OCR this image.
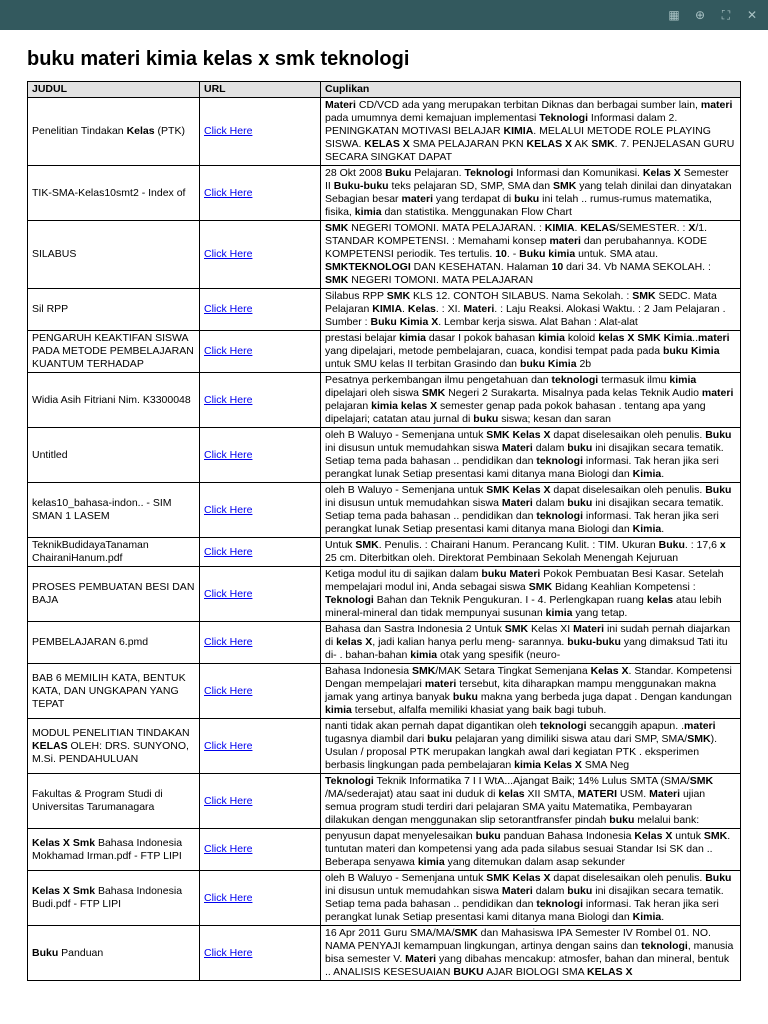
▦ ⊕	⛶	✕
buku materi kimia kelas x smk teknologi
JUDUL	URL	Cuplikan
Penelitian Tindakan Kelas (PTK)	Click Here	Materi CD/VCD ada yang merupakan terbitan Diknas dan berbagai sumber lain, materi pada umumnya demi kemajuan implementasi Teknologi Informasi dalam 2. PENINGKATAN MOTIVASI BELAJAR KIMIA. MELALUI METODE ROLE PLAYING SISWA. KELAS X SMA PELAJARAN PKN KELAS X AK SMK. 7. PENJELASAN GURU SECARA SINGKAT DAPAT
TIK-SMA-Kelas10smt2 - Index of	Click Here	28 Okt 2008 Buku Pelajaran. Teknologi Informasi dan Komunikasi. Kelas X Semester II Buku-buku teks pelajaran SD, SMP, SMA dan SMK yang telah dinilai dan dinyatakan Sebagian besar materi yang terdapat di buku ini telah .. rumus-rumus matematika, fisika, kimia dan statistika. Menggunakan Flow Chart
SILABUS	Click Here	SMK NEGERI TOMONI. MATA PELAJARAN. : KIMIA. KELAS/SEMESTER. : X/1. STANDAR KOMPETENSI. : Memahami konsep materi dan perubahannya. KODE KOMPETENSI periodik. Tes tertulis. 10. - Buku kimia untuk. SMA atau. SMKTEKNOLOGI DAN KESEHATAN. Halaman 10 dari 34. Vb NAMA SEKOLAH. : SMK NEGERI TOMONI. MATA PELAJARAN
Sil RPP	Click Here	Silabus RPP SMK KLS 12. CONTOH SILABUS. Nama Sekolah. : SMK SEDC. Mata Pelajaran KIMIA. Kelas. : XI. Materi. : Laju Reaksi. Alokasi Waktu. : 2 Jam Pelajaran . Sumber : Buku Kimia X. Lembar kerja siswa. Alat Bahan : Alat-alat
PENGARUH KEAKTIFAN SISWA PADA METODE PEMBELAJARAN KUANTUM TERHADAP	Click Here	prestasi belajar kimia dasar I pokok bahasan kimia koloid kelas X SMK Kimia..materi yang dipelajari, metode pembelajaran, cuaca, kondisi tempat pada pada buku Kimia untuk SMU kelas II terbitan Grasindo dan buku Kimia 2b
Widia Asih Fitriani Nim. K3300048	Click Here	Pesatnya perkembangan ilmu pengetahuan dan teknologi termasuk ilmu kimia dipelajari oleh siswa SMK Negeri 2 Surakarta. Misalnya pada kelas Teknik Audio materi pelajaran kimia kelas X semester genap pada pokok bahasan . tentang apa yang dipelajari; catatan atau jurnal di buku siswa; kesan dan saran
Untitled	Click Here	oleh B Waluyo - Semenjana untuk SMK Kelas X dapat diselesaikan oleh penulis. Buku ini disusun untuk memudahkan siswa Materi dalam buku ini disajikan secara tematik. Setiap tema pada bahasan .. pendidikan dan teknologi informasi. Tak heran jika seri perangkat lunak Setiap presentasi kami ditanya mana Biologi dan Kimia.
kelas10_bahasa-indon.. - SIM SMAN 1 LASEM	Click Here	oleh B Waluyo - Semenjana untuk SMK Kelas X dapat diselesaikan oleh penulis. Buku ini disusun untuk memudahkan siswa Materi dalam buku ini disajikan secara tematik. Setiap tema pada bahasan .. pendidikan dan teknologi informasi. Tak heran jika seri perangkat lunak Setiap presentasi kami ditanya mana Biologi dan Kimia.
TeknikBudidayaTanaman ChairaniHanum.pdf	Click Here	Untuk SMK. Penulis. : Chairani Hanum. Perancang Kulit. : TIM. Ukuran Buku. : 17,6 x 25 cm. Diterbitkan oleh. Direktorat Pembinaan Sekolah Menengah Kejuruan
PROSES PEMBUATAN BESI DAN BAJA	Click Here	Ketiga modul itu di sajikan dalam buku Materi Pokok Pembuatan Besi Kasar. Setelah mempelajari modul ini, Anda sebagai siswa SMK Bidang Keahlian Kompetensi : Teknologi Bahan dan Teknik Pengukuran. I - 4. Perlengkapan ruang kelas atau lebih mineral-mineral dan tidak mempunyai susunan kimia yang tetap.
PEMBELAJARAN 6.pmd	Click Here	Bahasa dan Sastra Indonesia 2 Untuk SMK Kelas XI Materi ini sudah pernah diajarkan di kelas X, jadi kalian hanya perlu meng- sarannya. buku-buku yang dimaksud Tati itu di- . bahan-bahan kimia otak yang spesifik (neuro-
BAB 6 MEMILIH KATA, BENTUK KATA, DAN UNGKAPAN YANG TEPAT	Click Here	Bahasa Indonesia SMK/MAK Setara Tingkat Semenjana Kelas X. Standar. Kompetensi Dengan mempelajari materi tersebut, kita diharapkan mampu menggunakan makna jamak yang artinya banyak buku makna yang berbeda juga dapat . Dengan kandungan kimia tersebut, alfalfa memiliki khasiat yang baik bagi tubuh.
MODUL PENELITIAN TINDAKAN KELAS OLEH: DRS. SUNYONO, M.Si. PENDAHULUAN	Click Here	nanti tidak akan pernah dapat digantikan oleh teknologi secanggih apapun. .materi tugasnya diambil dari buku pelajaran yang dimiliki siswa atau dari SMP, SMA/SMK). Usulan / proposal PTK merupakan langkah awal dari kegiatan PTK . eksperimen berbasis lingkungan pada pembelajaran kimia Kelas X SMA Neg
Fakultas & Program Studi di Universitas Tarumanagara	Click Here	Teknologi Teknik Informatika 7 I I WtA...Ajangat Baik; 14% Lulus SMTA (SMA/SMK /MA/sederajat) atau saat ini duduk di kelas XII SMTA, MATERI USM. Materi ujian semua program studi terdiri dari pelajaran SMA yaitu Matematika, Pembayaran dilakukan dengan menggunakan slip setorantfransfer pindah buku melalui bank:
Kelas X Smk Bahasa Indonesia Mokhamad Irman.pdf - FTP LIPI	Click Here	penyusun dapat menyelesaikan buku panduan Bahasa Indonesia Kelas X untuk SMK. tuntutan materi dan kompetensi yang ada pada silabus sesuai Standar Isi SK dan .. Beberapa senyawa kimia yang ditemukan dalam asap sekunder
Kelas X Smk Bahasa Indonesia Budi.pdf - FTP LIPI	Click Here	oleh B Waluyo - Semenjana untuk SMK Kelas X dapat diselesaikan oleh penulis. Buku ini disusun untuk memudahkan siswa Materi dalam buku ini disajikan secara tematik. Setiap tema pada bahasan .. pendidikan dan teknologi informasi. Tak heran jika seri perangkat lunak Setiap presentasi kami ditanya mana Biologi dan Kimia.
Buku Panduan	Click Here	16 Apr 2011 Guru SMA/MA/SMK dan Mahasiswa IPA Semester IV Rombel 01. NO. NAMA PENYAJI kemampuan lingkungan, artinya dengan sains dan teknologi, manusia bisa semester V. Materi yang dibahas mencakup: atmosfer, bahan dan mineral, bentuk .. ANALISIS KESESUAIAN BUKU AJAR BIOLOGI SMA KELAS X
